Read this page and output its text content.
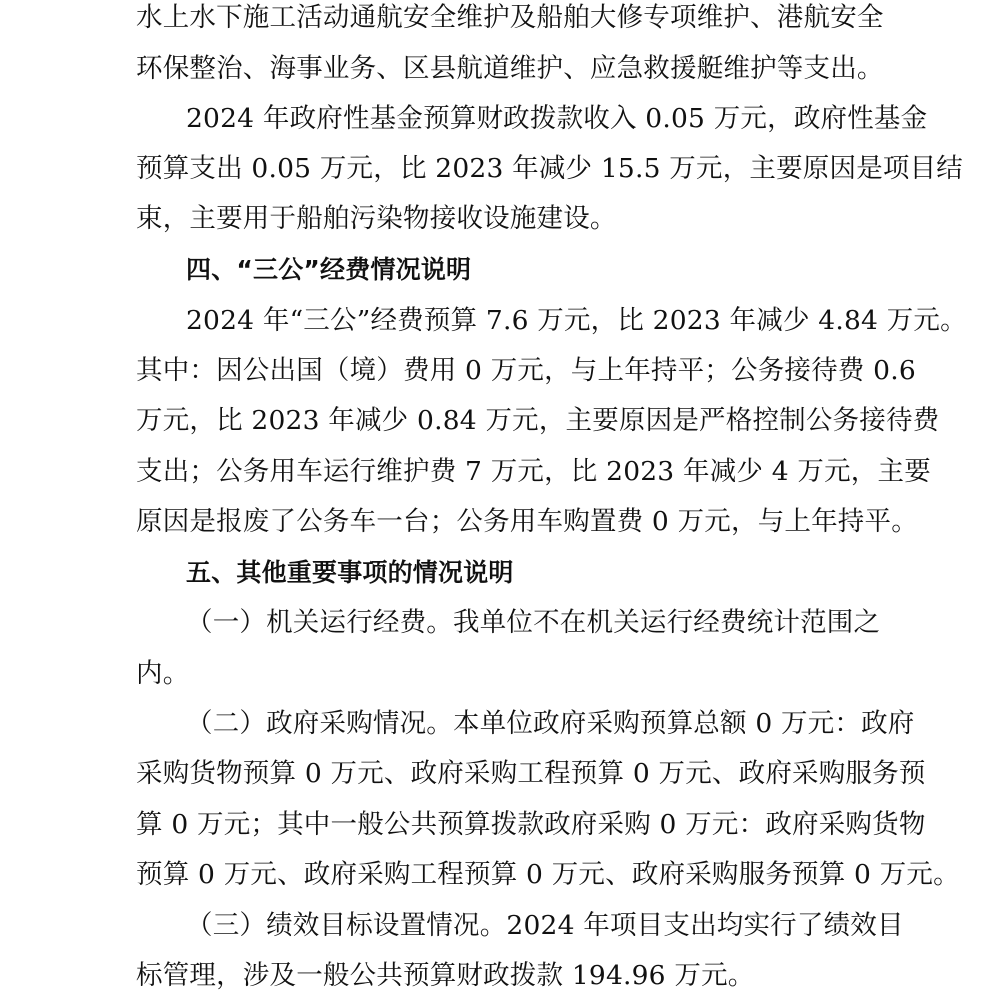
水上水下施工活动通航安全维护及船舶大修专项维护、港航安全
环保整治、海事业务、区县航道维护、应急救援艇维护等支出。
2024 年政府性基金预算财政拨款收入 0.05 万元，政府性基金
预算支出 0.05 万元，比 2023 年减少 15.5 万元，主要原因是项目结
束，主要用于船舶污染物接收设施建设。
四、“三公”经费情况说明
2024 年“三公”经费预算 7.6 万元，比 2023 年减少 4.84 万元。
其中：因公出国（境）费用 0 万元，与上年持平；公务接待费 0.6
万元，比 2023 年减少 0.84 万元，主要原因是严格控制公务接待费
支出；公务用车运行维护费 7 万元，比 2023 年减少 4 万元，主要
原因是报废了公务车一台；公务用车购置费 0 万元，与上年持平。
五、其他重要事项的情况说明
（一）机关运行经费。我单位不在机关运行经费统计范围之
内。
（二）政府采购情况。本单位政府采购预算总额 0 万元：政府
采购货物预算 0 万元、政府采购工程预算 0 万元、政府采购服务预
算 0 万元；其中一般公共预算拨款政府采购 0 万元：政府采购货物
预算 0 万元、政府采购工程预算 0 万元、政府采购服务预算 0 万元。
（三）绩效目标设置情况。2024 年项目支出均实行了绩效目
标管理，涉及一般公共预算财政拨款 194.96 万元。
